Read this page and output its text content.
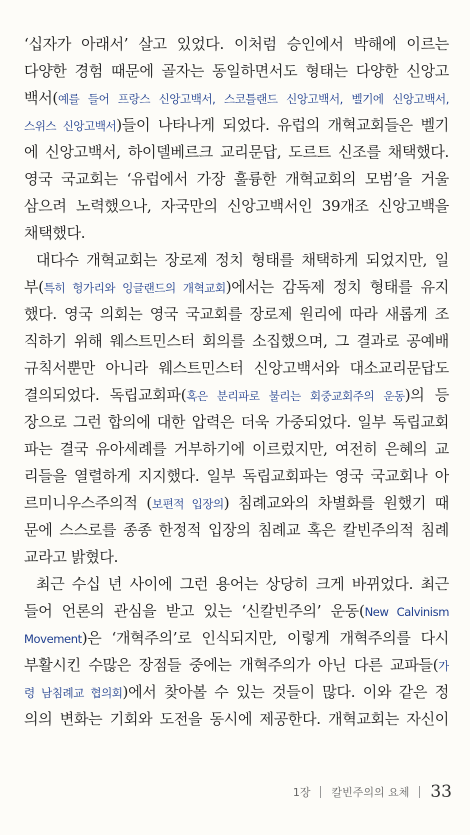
‘십자가 아래서’ 살고 있었다. 이처럼 승인에서 박해에 이르는
다양한 경험 때문에 골자는 동일하면서도 형태는 다양한 신앙고
백서(예를 들어 프랑스 신앙고백서, 스코틀랜드 신앙고백서, 벨기에 신앙고백서,
스위스 신앙고백서)들이 나타나게 되었다. 유럽의 개혁교회들은 벨기
에 신앙고백서, 하이델베르크 교리문답, 도르트 신조를 채택했다.
영국 국교회는 ‘유럽에서 가장 훌륭한 개혁교회의 모범’을 거울
삼으려 노력했으나, 자국만의 신앙고백서인 39개조 신앙고백을
채택했다.
대다수 개혁교회는 장로제 정치 형태를 채택하게 되었지만, 일
부(특히 헝가리와 잉글랜드의 개혁교회)에서는 감독제 정치 형태를 유지
했다. 영국 의회는 영국 국교회를 장로제 원리에 따라 새롭게 조
직하기 위해 웨스트민스터 회의를 소집했으며, 그 결과로 공예배
규칙서뿐만 아니라 웨스트민스터 신앙고백서와 대소교리문답도
결의되었다. 독립교회파(혹은 분리파로 불리는 회중교회주의 운동)의 등
장으로 그런 합의에 대한 압력은 더욱 가중되었다. 일부 독립교회
파는 결국 유아세례를 거부하기에 이르렀지만, 여전히 은혜의 교
리들을 열렬하게 지지했다. 일부 독립교회파는 영국 국교회나 아
르미니우스주의적 (보편적 입장의) 침례교와의 차별화를 원했기 때
문에 스스로를 종종 한정적 입장의 침례교 혹은 칼빈주의적 침례
교라고 밝혔다.
최근 수십 년 사이에 그런 용어는 상당히 크게 바뀌었다. 최근
들어 언론의 관심을 받고 있는 ‘신칼빈주의’ 운동(New Calvinism
Movement)은 ‘개혁주의’로 인식되지만, 이렇게 개혁주의를 다시
부활시킨 수많은 장점들 중에는 개혁주의가 아닌 다른 교파들(가
령 남침례교 협의회)에서 찾아볼 수 있는 것들이 많다. 이와 같은 정
의의 변화는 기회와 도전을 동시에 제공한다. 개혁교회는 자신이
1장 칼빈주의의 요체 33
